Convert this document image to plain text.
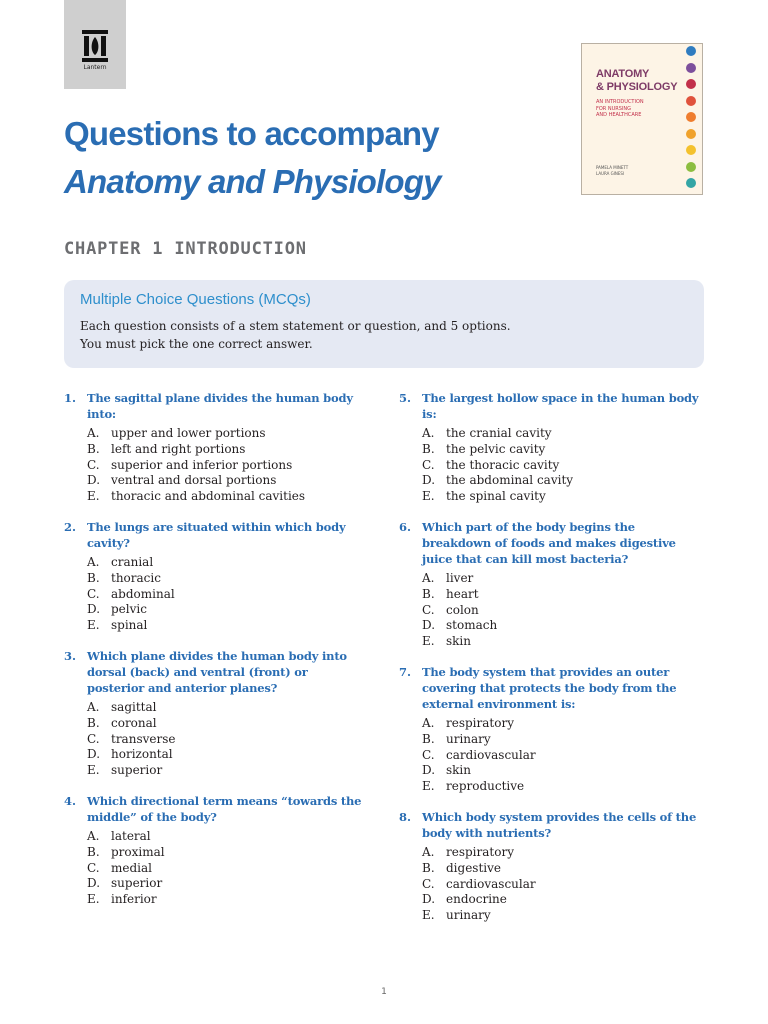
Lantern
Questions to accompany
Anatomy and Physiology
ANATOMY
& PHYSIOLOGY
AN INTRODUCTION
FOR NURSING
AND HEALTHCARE
PAMELA MINETT
LAURA GINESI
CHAPTER 1 INTRODUCTION
Multiple Choice Questions (MCQs)
Each question consists of a stem statement or question, and 5 options.
You must pick the one correct answer.
1. The sagittal plane divides the human body into:
A. upper and lower portions
B. left and right portions
C. superior and inferior portions
D. ventral and dorsal portions
E. thoracic and abdominal cavities
2. The lungs are situated within which body cavity?
A. cranial
B. thoracic
C. abdominal
D. pelvic
E. spinal
3. Which plane divides the human body into dorsal (back) and ventral (front) or posterior and anterior planes?
A. sagittal
B. coronal
C. transverse
D. horizontal
E. superior
4. Which directional term means “towards the middle” of the body?
A. lateral
B. proximal
C. medial
D. superior
E. inferior
5. The largest hollow space in the human body is:
A. the cranial cavity
B. the pelvic cavity
C. the thoracic cavity
D. the abdominal cavity
E. the spinal cavity
6. Which part of the body begins the breakdown of foods and makes digestive juice that can kill most bacteria?
A. liver
B. heart
C. colon
D. stomach
E. skin
7. The body system that provides an outer covering that protects the body from the external environment is:
A. respiratory
B. urinary
C. cardiovascular
D. skin
E. reproductive
8. Which body system provides the cells of the body with nutrients?
A. respiratory
B. digestive
C. cardiovascular
D. endocrine
E. urinary
1
